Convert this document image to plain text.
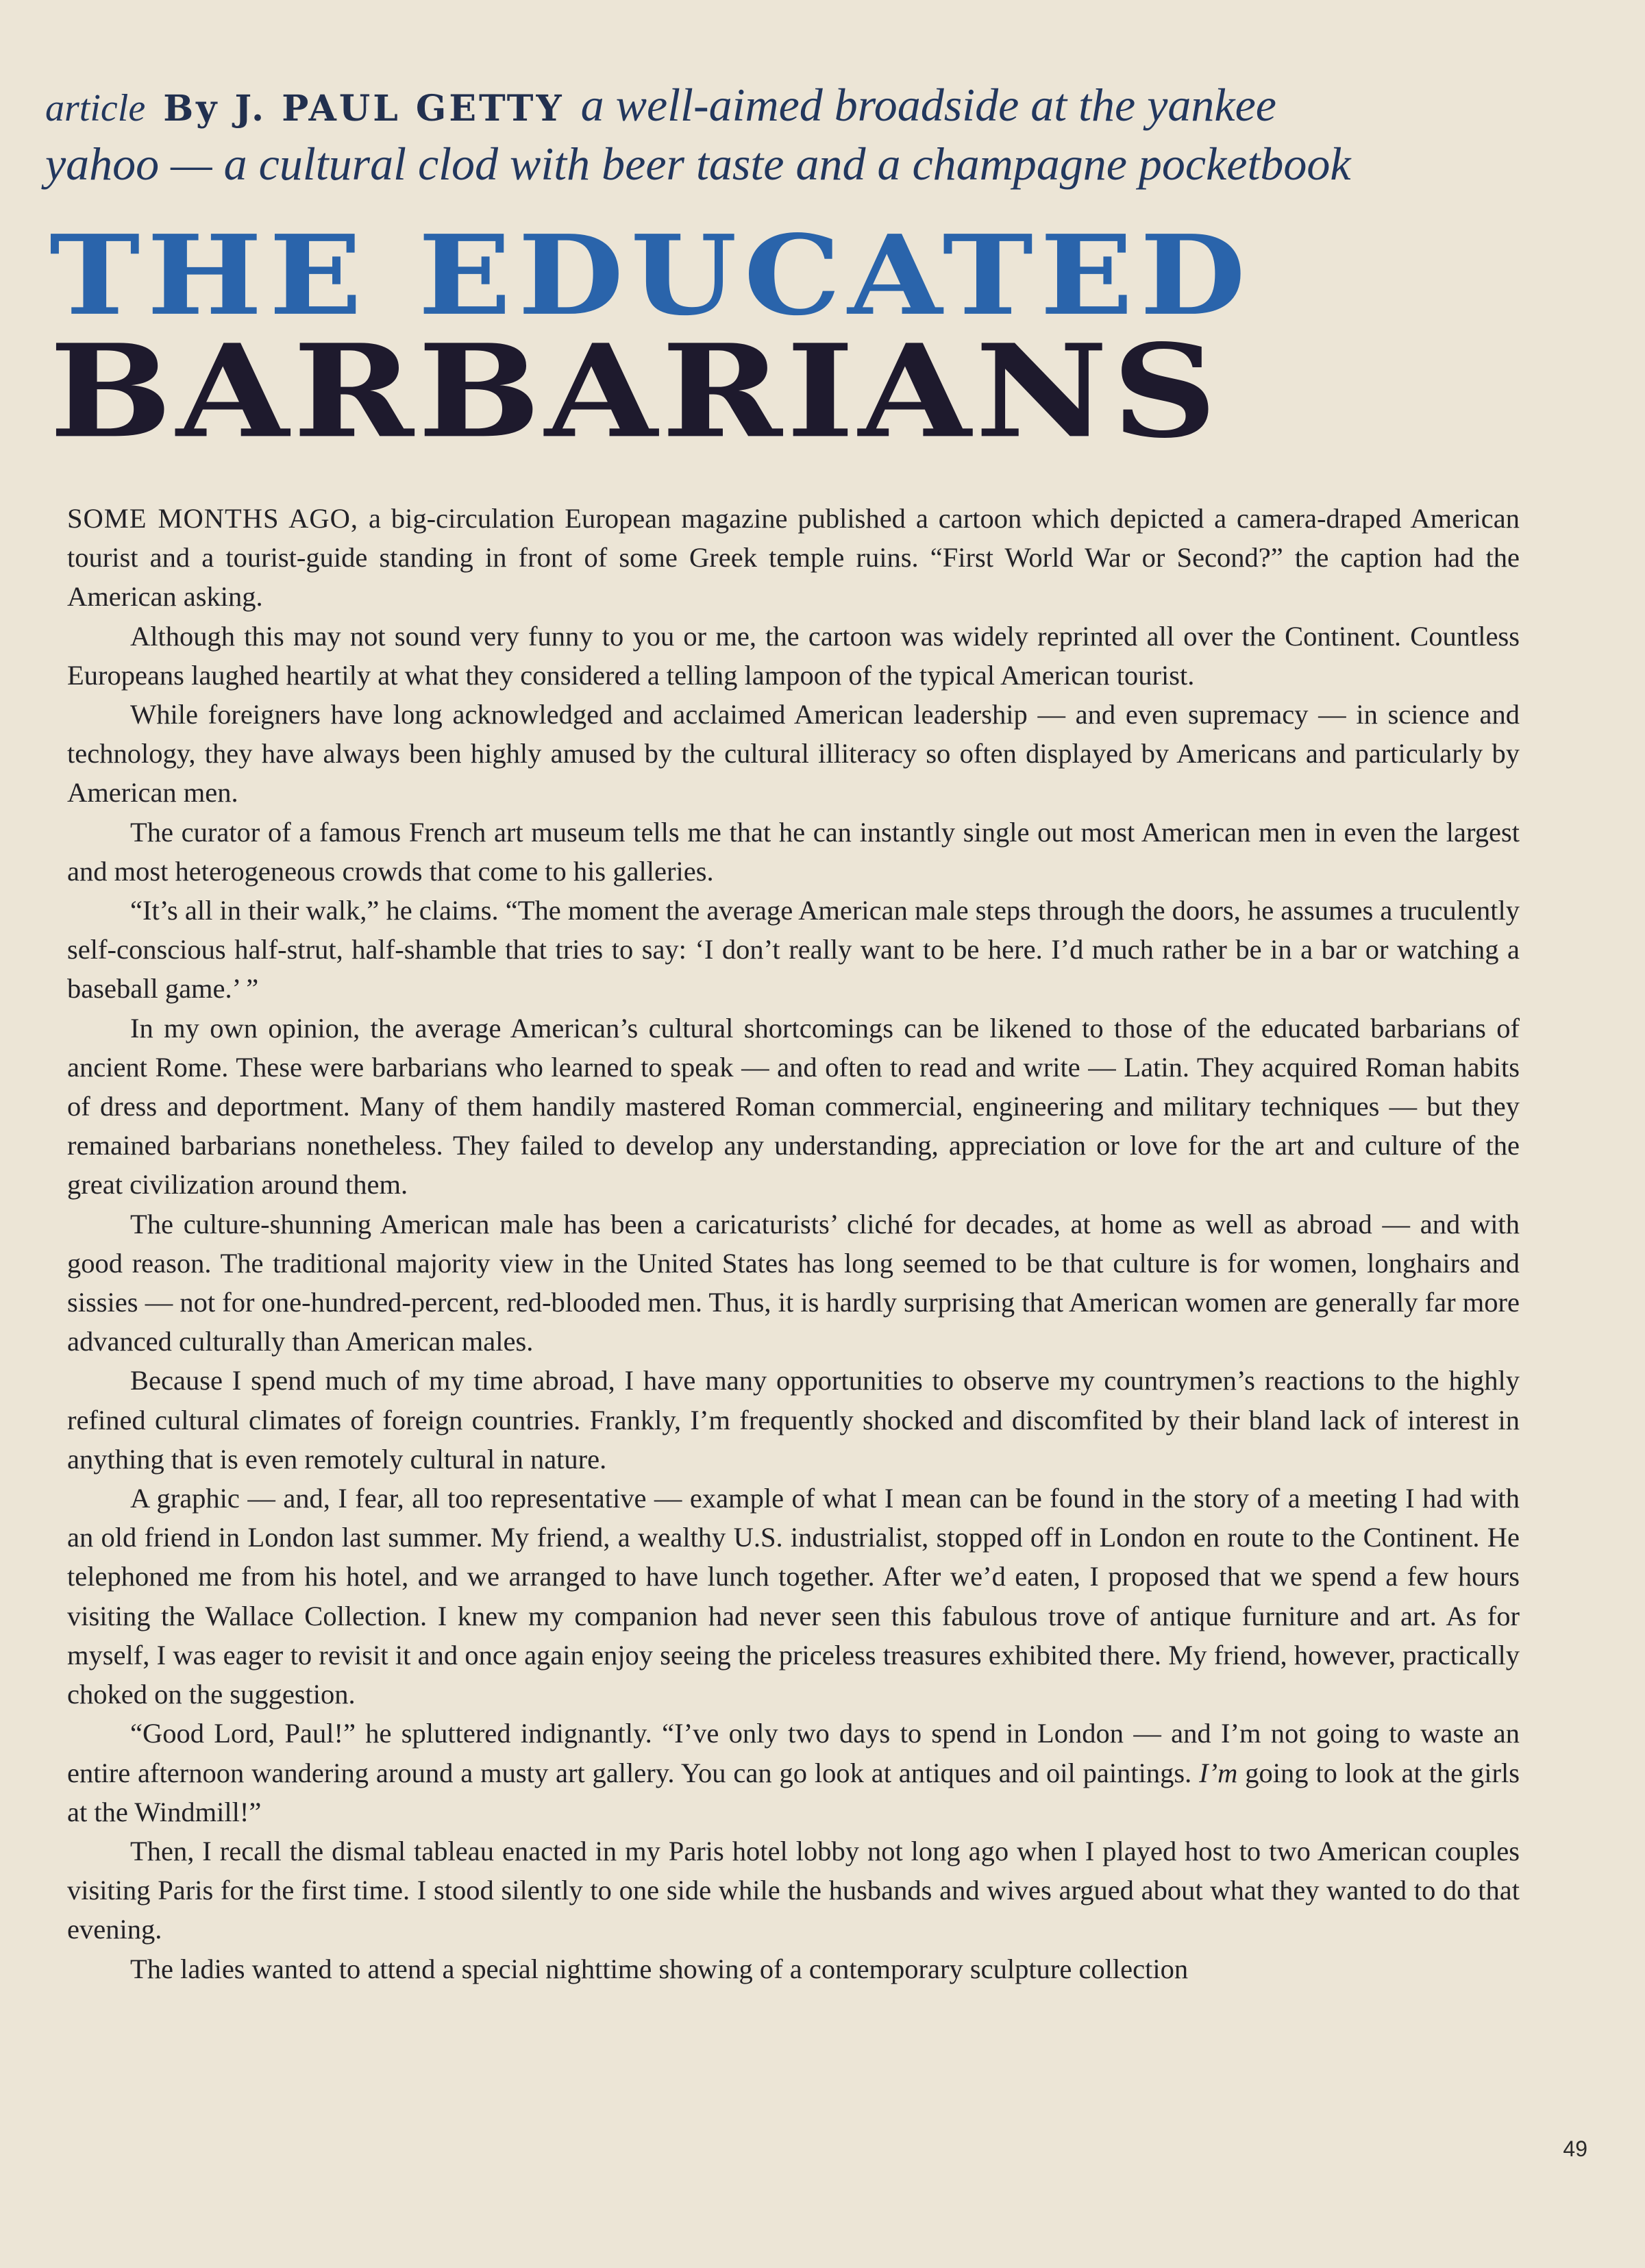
article By J. PAUL GETTY a well-aimed broadside at the yankee
yahoo — a cultural clod with beer taste and a champagne pocketbook
THE EDUCATED
BARBARIANS

SOME MONTHS AGO, a big-circulation European magazine published a cartoon which depicted a camera-draped American tourist and a tourist-guide standing in front of some Greek temple ruins. “First World War or Second?” the caption had the American asking.

Although this may not sound very funny to you or me, the cartoon was widely reprinted all over the Continent. Countless Europeans laughed heartily at what they considered a telling lampoon of the typical American tourist.

While foreigners have long acknowledged and acclaimed American leadership — and even supremacy — in science and technology, they have always been highly amused by the cultural illiteracy so often displayed by Americans and particularly by American men.

The curator of a famous French art museum tells me that he can instantly single out most American men in even the largest and most heterogeneous crowds that come to his galleries.

“It’s all in their walk,” he claims. “The moment the average American male steps through the doors, he assumes a truculently self-conscious half-strut, half-shamble that tries to say: ‘I don’t really want to be here. I’d much rather be in a bar or watching a baseball game.’ ”

In my own opinion, the average American’s cultural shortcomings can be likened to those of the educated barbarians of ancient Rome. These were barbarians who learned to speak — and often to read and write — Latin. They acquired Roman habits of dress and deportment. Many of them handily mastered Roman commercial, engineering and military techniques — but they remained barbarians nonetheless. They failed to develop any understanding, appreciation or love for the art and culture of the great civilization around them.

The culture-shunning American male has been a caricaturists’ cliché for decades, at home as well as abroad — and with good reason. The traditional majority view in the United States has long seemed to be that culture is for women, longhairs and sissies — not for one-hundred-percent, red-blooded men. Thus, it is hardly surprising that American women are generally far more advanced culturally than American males.

Because I spend much of my time abroad, I have many opportunities to observe my countrymen’s reactions to the highly refined cultural climates of foreign countries. Frankly, I’m frequently shocked and discomfited by their bland lack of interest in anything that is even remotely cultural in nature.

A graphic — and, I fear, all too representative — example of what I mean can be found in the story of a meeting I had with an old friend in London last summer. My friend, a wealthy U.S. industrialist, stopped off in London en route to the Continent. He telephoned me from his hotel, and we arranged to have lunch together. After we’d eaten, I proposed that we spend a few hours visiting the Wallace Collection. I knew my companion had never seen this fabulous trove of antique furniture and art. As for myself, I was eager to revisit it and once again enjoy seeing the priceless treasures exhibited there. My friend, however, practically choked on the suggestion.

“Good Lord, Paul!” he spluttered indignantly. “I’ve only two days to spend in London — and I’m not going to waste an entire afternoon wandering around a musty art gallery. You can go look at antiques and oil paintings. I’m going to look at the girls at the Windmill!”

Then, I recall the dismal tableau enacted in my Paris hotel lobby not long ago when I played host to two American couples visiting Paris for the first time. I stood silently to one side while the husbands and wives argued about what they wanted to do that evening.

The ladies wanted to attend a special nighttime showing of a contemporary sculpture collection

49
